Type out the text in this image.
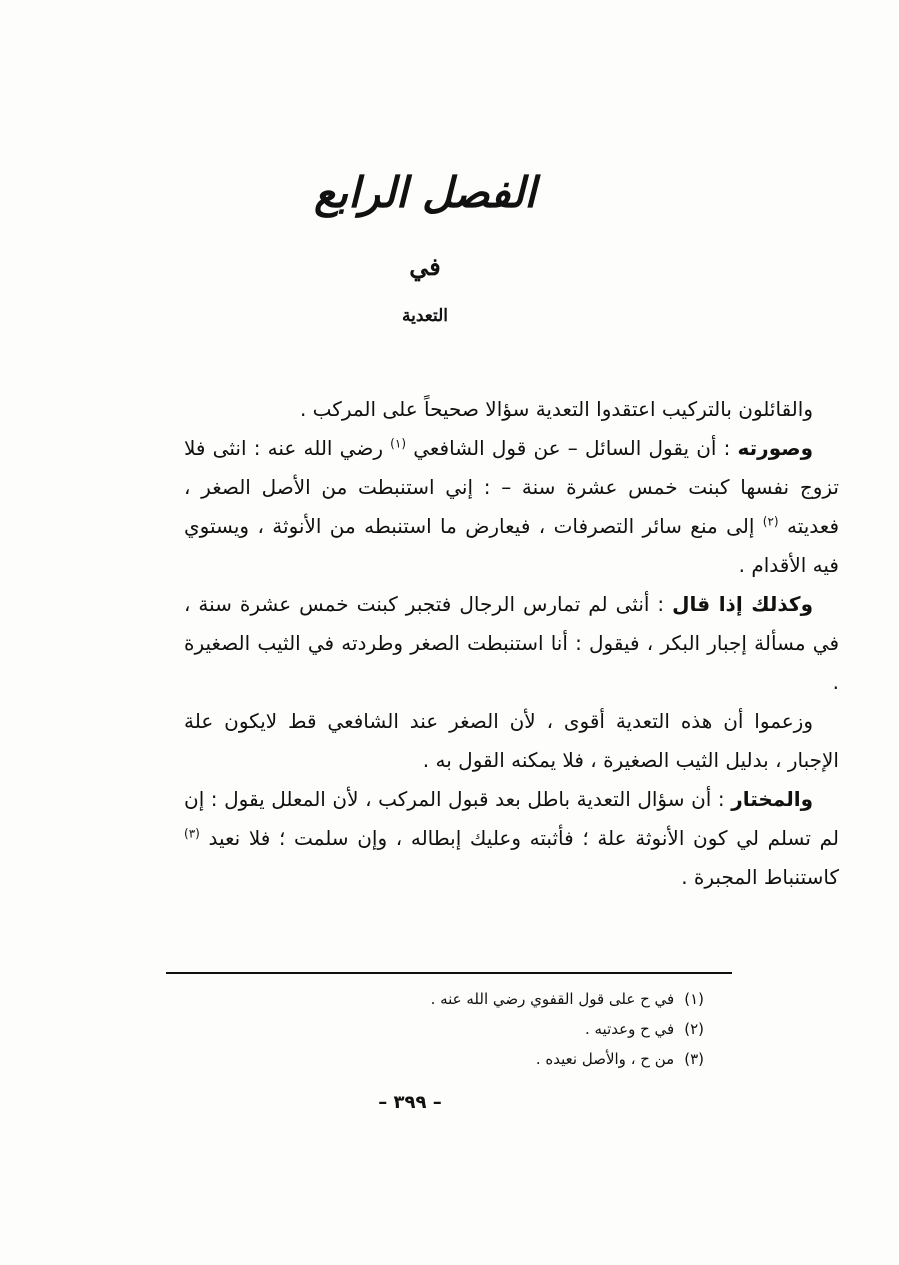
الفصل الرابع
في
التعدية

والقائلون بالتركيب اعتقدوا التعدية سؤالا صحيحاً على المركب .

وصورته : أن يقول السائل – عن قول الشافعي $^{(١)}$ رضي الله عنه : انثى فلا تزوج نفسها كبنت خمس عشرة سنة – : إني استنبطت من الأصل الصغر ، فعديته $^{(٢)}$ إلى منع سائر التصرفات ، فيعارض ما استنبطه من الأنوثة ، ويستوي فيه الأقدام .

وكذلك إذا قال : أنثى لم تمارس الرجال فتجبر كبنت خمس عشرة سنة ، في مسألة إجبار البكر ، فيقول : أنا استنبطت الصغر وطردته في الثيب الصغيرة .

وزعموا أن هذه التعدية أقوى ، لأن الصغر عند الشافعي قط لايكون علة الإجبار ، بدليل الثيب الصغيرة ، فلا يمكنه القول به .

والمختار : أن سؤال التعدية باطل بعد قبول المركب ، لأن المعلل يقول : إن لم تسلم لي كون الأنوثة علة ؛ فأثبته وعليك إبطاله ، وإن سلمت ؛ فلا نعيد $^{(٣)}$ كاستنباط المجبرة .

(١)
في ح على قول القفوي رضي الله عنه .
(٢)
في ح وعدتيه .
(٣)
من ح ، والأصل نعيده .
– ٣٩٩ –
